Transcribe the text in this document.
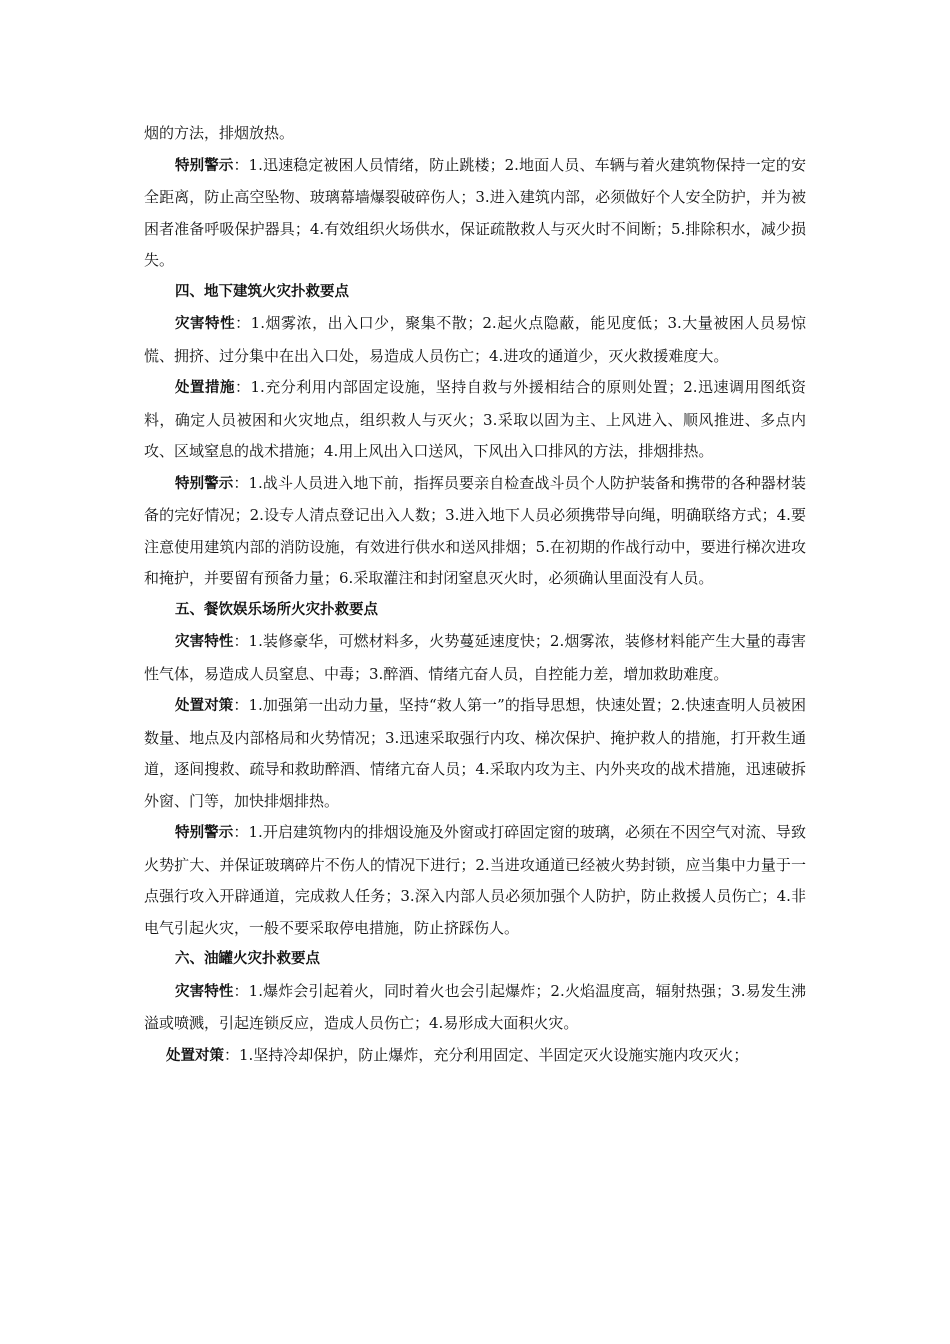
烟的方法，排烟放热。

特别警示：1.迅速稳定被困人员情绪，防止跳楼；2.地面人员、车辆与着火建筑物保持一定的安全距离，防止高空坠物、玻璃幕墙爆裂破碎伤人；3.进入建筑内部，必须做好个人安全防护，并为被困者准备呼吸保护器具；4.有效组织火场供水，保证疏散救人与灭火时不间断；5.排除积水，减少损失。

四、地下建筑火灾扑救要点

灾害特性：1.烟雾浓，出入口少，聚集不散；2.起火点隐蔽，能见度低；3.大量被困人员易惊慌、拥挤、过分集中在出入口处，易造成人员伤亡；4.进攻的通道少，灭火救援难度大。

处置措施：1.充分利用内部固定设施，坚持自救与外援相结合的原则处置；2.迅速调用图纸资料，确定人员被困和火灾地点，组织救人与灭火；3.采取以固为主、上风进入、顺风推进、多点内攻、区域窒息的战术措施；4.用上风出入口送风，下风出入口排风的方法，排烟排热。

特别警示：1.战斗人员进入地下前，指挥员要亲自检查战斗员个人防护装备和携带的各种器材装备的完好情况；2.设专人清点登记出入人数；3.进入地下人员必须携带导向绳，明确联络方式；4.要注意使用建筑内部的消防设施，有效进行供水和送风排烟；5.在初期的作战行动中，要进行梯次进攻和掩护，并要留有预备力量；6.采取灌注和封闭窒息灭火时，必须确认里面没有人员。

五、餐饮娱乐场所火灾扑救要点

灾害特性：1.装修豪华，可燃材料多，火势蔓延速度快；2.烟雾浓，装修材料能产生大量的毒害性气体，易造成人员窒息、中毒；3.醉酒、情绪亢奋人员，自控能力差，增加救助难度。

处置对策：1.加强第一出动力量，坚持“救人第一”的指导思想，快速处置；2.快速查明人员被困数量、地点及内部格局和火势情况；3.迅速采取强行内攻、梯次保护、掩护救人的措施，打开救生通道，逐间搜救、疏导和救助醉酒、情绪亢奋人员；4.采取内攻为主、内外夹攻的战术措施，迅速破拆外窗、门等，加快排烟排热。

特别警示：1.开启建筑物内的排烟设施及外窗或打碎固定窗的玻璃，必须在不因空气对流、导致火势扩大、并保证玻璃碎片不伤人的情况下进行；2.当进攻通道已经被火势封锁，应当集中力量于一点强行攻入开辟通道，完成救人任务；3.深入内部人员必须加强个人防护，防止救援人员伤亡；4.非电气引起火灾，一般不要采取停电措施，防止挤踩伤人。

六、油罐火灾扑救要点

灾害特性：1.爆炸会引起着火，同时着火也会引起爆炸；2.火焰温度高，辐射热强；3.易发生沸溢或喷溅，引起连锁反应，造成人员伤亡；4.易形成大面积火灾。

处置对策：1.坚持冷却保护，防止爆炸，充分利用固定、半固定灭火设施实施内攻灭火；
